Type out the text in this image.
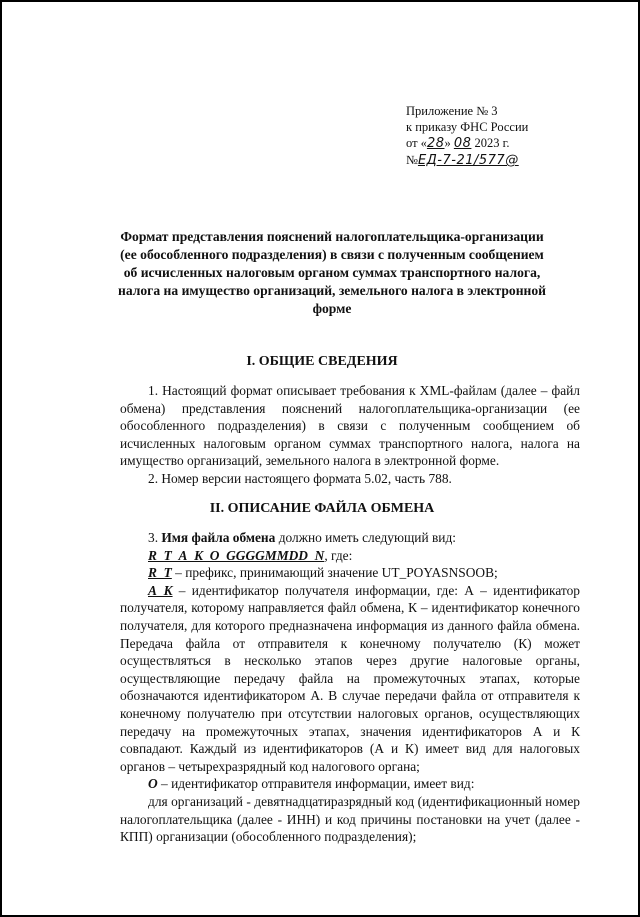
Приложение № 3
к приказу ФНС России
от «28» 08 2023 г.
№ЕД-7-21/577@
Формат представления пояснений налогоплательщика-организации (ее обособленного подразделения) в связи с полученным сообщением об исчисленных налоговым органом суммах транспортного налога, налога на имущество организаций, земельного налога в электронной форме
I. ОБЩИЕ СВЕДЕНИЯ
1. Настоящий формат описывает требования к XML-файлам (далее – файл обмена) представления пояснений налогоплательщика-организации (ее обособленного подразделения) в связи с полученным сообщением об исчисленных налоговым органом суммах транспортного налога, налога на имущество организаций, земельного налога в электронной форме.
2. Номер версии настоящего формата 5.02, часть 788.
II. ОПИСАНИЕ ФАЙЛА ОБМЕНА
3. Имя файла обмена должно иметь следующий вид:
R_T_A_K_O_GGGGMMDD_N, где:
R_T – префикс, принимающий значение UT_POYASNSOOB;
A_K – идентификатор получателя информации, где: А – идентификатор получателя, которому направляется файл обмена, К – идентификатор конечного получателя, для которого предназначена информация из данного файла обмена. Передача файла от отправителя к конечному получателю (К) может осуществляться в несколько этапов через другие налоговые органы, осуществляющие передачу файла на промежуточных этапах, которые обозначаются идентификатором А. В случае передачи файла от отправителя к конечному получателю при отсутствии налоговых органов, осуществляющих передачу на промежуточных этапах, значения идентификаторов А и К совпадают. Каждый из идентификаторов (А и К) имеет вид для налоговых органов – четырехразрядный код налогового органа;
O – идентификатор отправителя информации, имеет вид:
для организаций - девятнадцатиразрядный код (идентификационный номер налогоплательщика (далее - ИНН) и код причины постановки на учет (далее - КПП) организации (обособленного подразделения);
